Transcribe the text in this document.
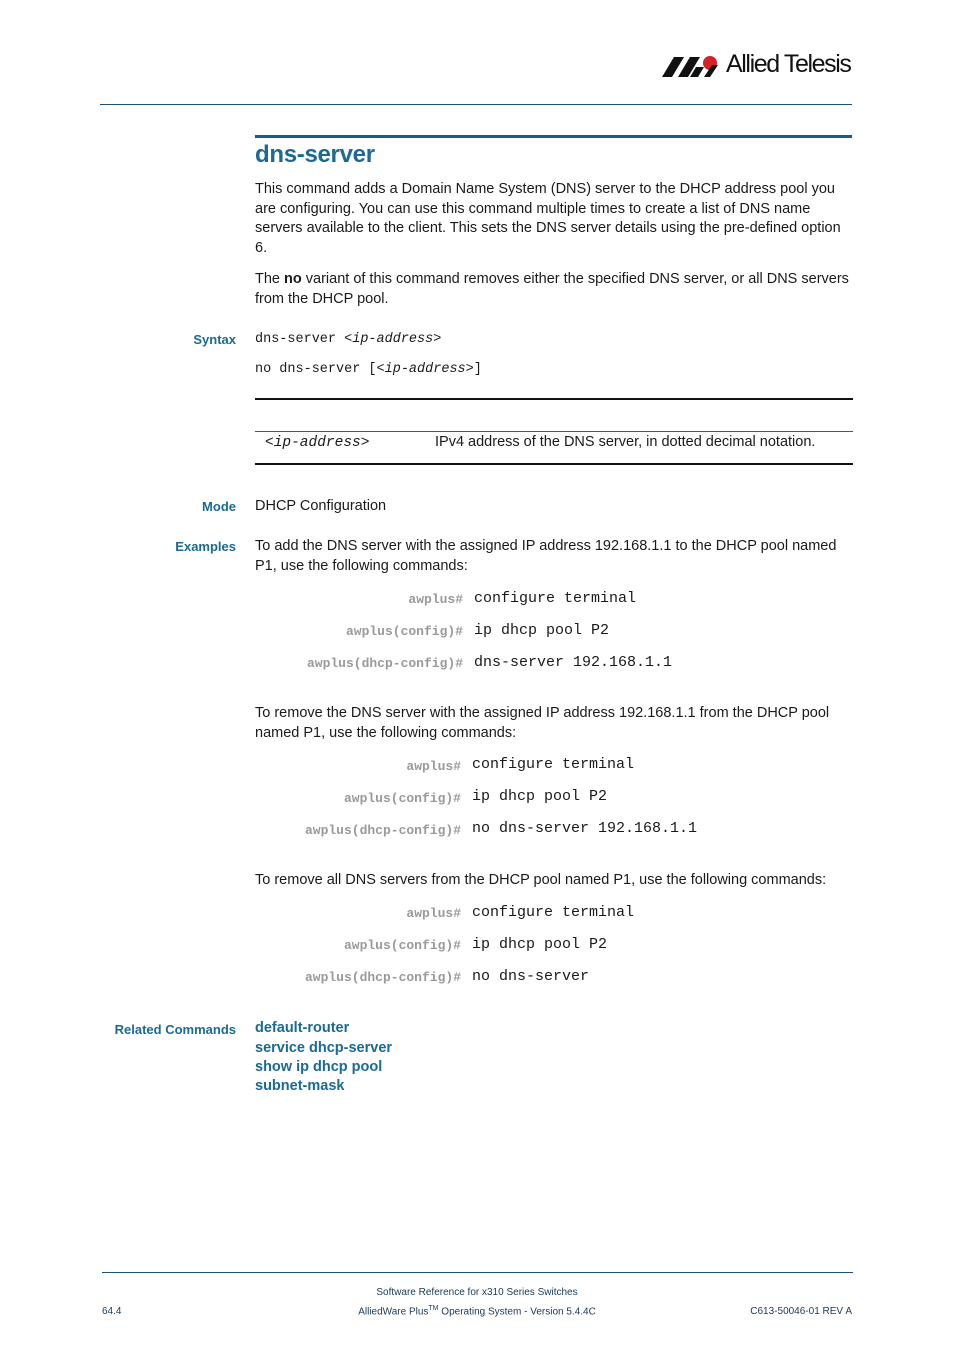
Allied Telesis
dns-server
This command adds a Domain Name System (DNS) server to the DHCP address pool you are configuring. You can use this command multiple times to create a list of DNS name servers available to the client. This sets the DNS server details using the pre-defined option 6.
The no variant of this command removes either the specified DNS server, or all DNS servers from the DHCP pool.
Syntax dns-server <ip-address>
no dns-server [<ip-address>]
<ip-address>	IPv4 address of the DNS server, in dotted decimal notation.
Mode DHCP Configuration
Examples To add the DNS server with the assigned IP address 192.168.1.1 to the DHCP pool named P1, use the following commands:
awplus# configure terminal
awplus(config)# ip dhcp pool P2
awplus(dhcp-config)# dns-server 192.168.1.1
To remove the DNS server with the assigned IP address 192.168.1.1 from the DHCP pool named P1, use the following commands:
awplus# configure terminal
awplus(config)# ip dhcp pool P2
awplus(dhcp-config)# no dns-server 192.168.1.1
To remove all DNS servers from the DHCP pool named P1, use the following commands:
awplus# configure terminal
awplus(config)# ip dhcp pool P2
awplus(dhcp-config)# no dns-server
Related Commands default-router
service dhcp-server
show ip dhcp pool
subnet-mask
Software Reference for x310 Series Switches
AlliedWare Plus™ Operating System - Version 5.4.4C
64.4	C613-50046-01 REV A
